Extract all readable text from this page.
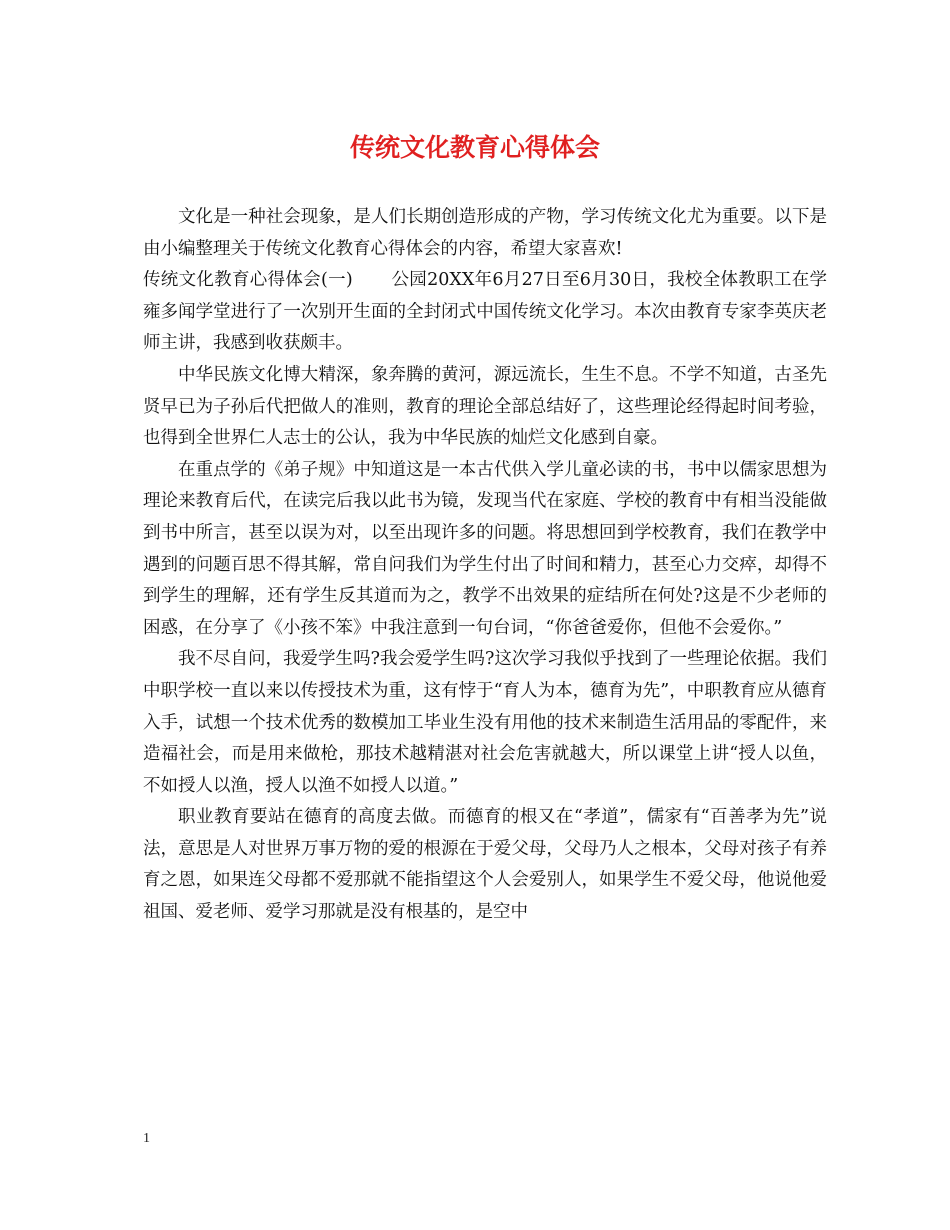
传统文化教育心得体会

文化是一种社会现象，是人们长期创造形成的产物，学习传统文化尤为重要。以下是由小编整理关于传统文化教育心得体会的内容，希望大家喜欢!

传统文化教育心得体会(一) 公园20XX年6月27日至6月30日，我校全体教职工在学雍多闻学堂进行了一次别开生面的全封闭式中国传统文化学习。本次由教育专家李英庆老师主讲，我感到收获颇丰。

中华民族文化博大精深，象奔腾的黄河，源远流长，生生不息。不学不知道，古圣先贤早已为子孙后代把做人的准则，教育的理论全部总结好了，这些理论经得起时间考验，也得到全世界仁人志士的公认，我为中华民族的灿烂文化感到自豪。

在重点学的《弟子规》中知道这是一本古代供入学儿童必读的书，书中以儒家思想为理论来教育后代，在读完后我以此书为镜，发现当代在家庭、学校的教育中有相当没能做到书中所言，甚至以误为对，以至出现许多的问题。将思想回到学校教育，我们在教学中遇到的问题百思不得其解，常自问我们为学生付出了时间和精力，甚至心力交瘁，却得不到学生的理解，还有学生反其道而为之，教学不出效果的症结所在何处?这是不少老师的困惑，在分享了《小孩不笨》中我注意到一句台词，“你爸爸爱你，但他不会爱你。”

我不尽自问，我爱学生吗?我会爱学生吗?这次学习我似乎找到了一些理论依据。我们中职学校一直以来以传授技术为重，这有悖于“育人为本，德育为先”，中职教育应从德育入手，试想一个技术优秀的数模加工毕业生没有用他的技术来制造生活用品的零配件，来造福社会，而是用来做枪，那技术越精湛对社会危害就越大，所以课堂上讲“授人以鱼，不如授人以渔，授人以渔不如授人以道。”

职业教育要站在德育的高度去做。而德育的根又在“孝道”，儒家有“百善孝为先”说法，意思是人对世界万事万物的爱的根源在于爱父母，父母乃人之根本，父母对孩子有养育之恩，如果连父母都不爱那就不能指望这个人会爱别人，如果学生不爱父母，他说他爱祖国、爱老师、爱学习那就是没有根基的，是空中

1
